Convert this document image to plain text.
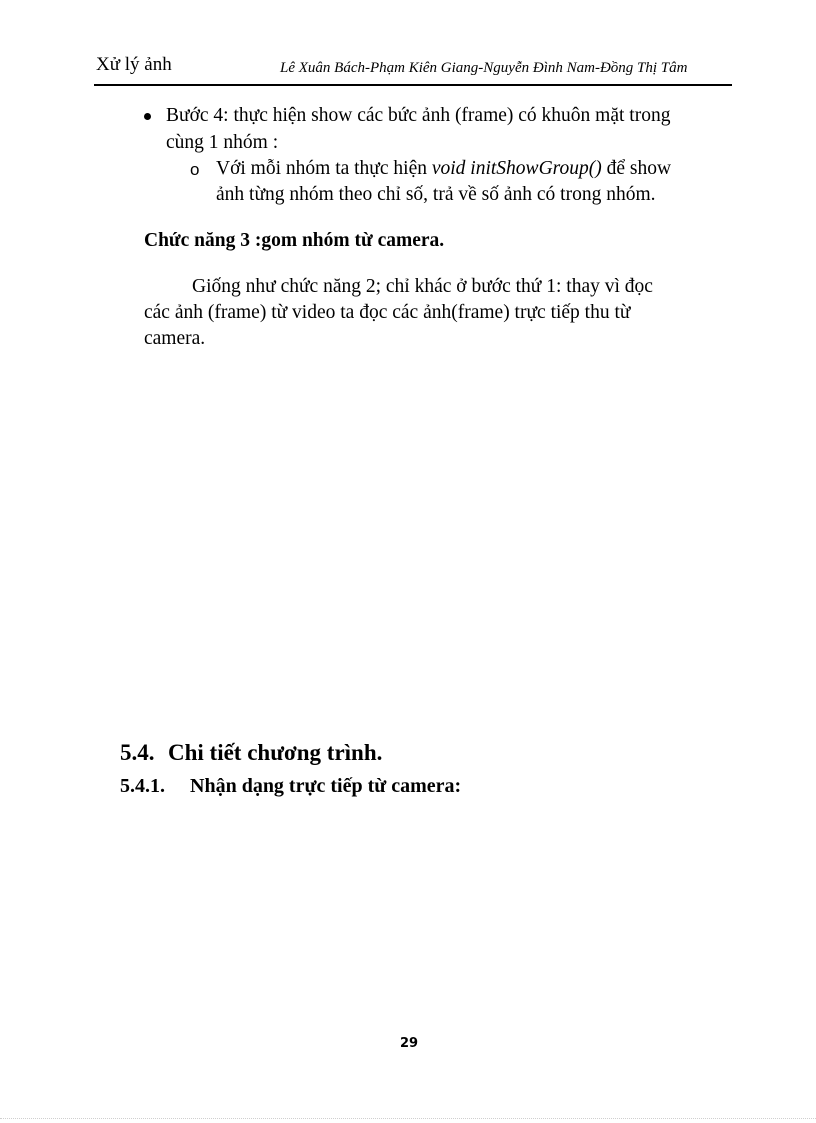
Xử lý ảnh	Lê Xuân Bách-Phạm Kiên Giang-Nguyễn Đình Nam-Đồng Thị Tâm
Bước 4: thực hiện show các bức ảnh (frame) có khuôn mặt trong
cùng 1 nhóm :
o Với mỗi nhóm ta thực hiện void initShowGroup() để show
ảnh từng nhóm theo chỉ số, trả về số ảnh có trong nhóm.
Chức năng 3 :gom nhóm từ camera.
Giống như chức năng 2; chỉ khác ở bước thứ 1: thay vì đọc
các ảnh (frame) từ video ta đọc các ảnh(frame) trực tiếp thu từ
camera.
5.4. Chi tiết chương trình.
5.4.1. Nhận dạng trực tiếp từ camera:
29
